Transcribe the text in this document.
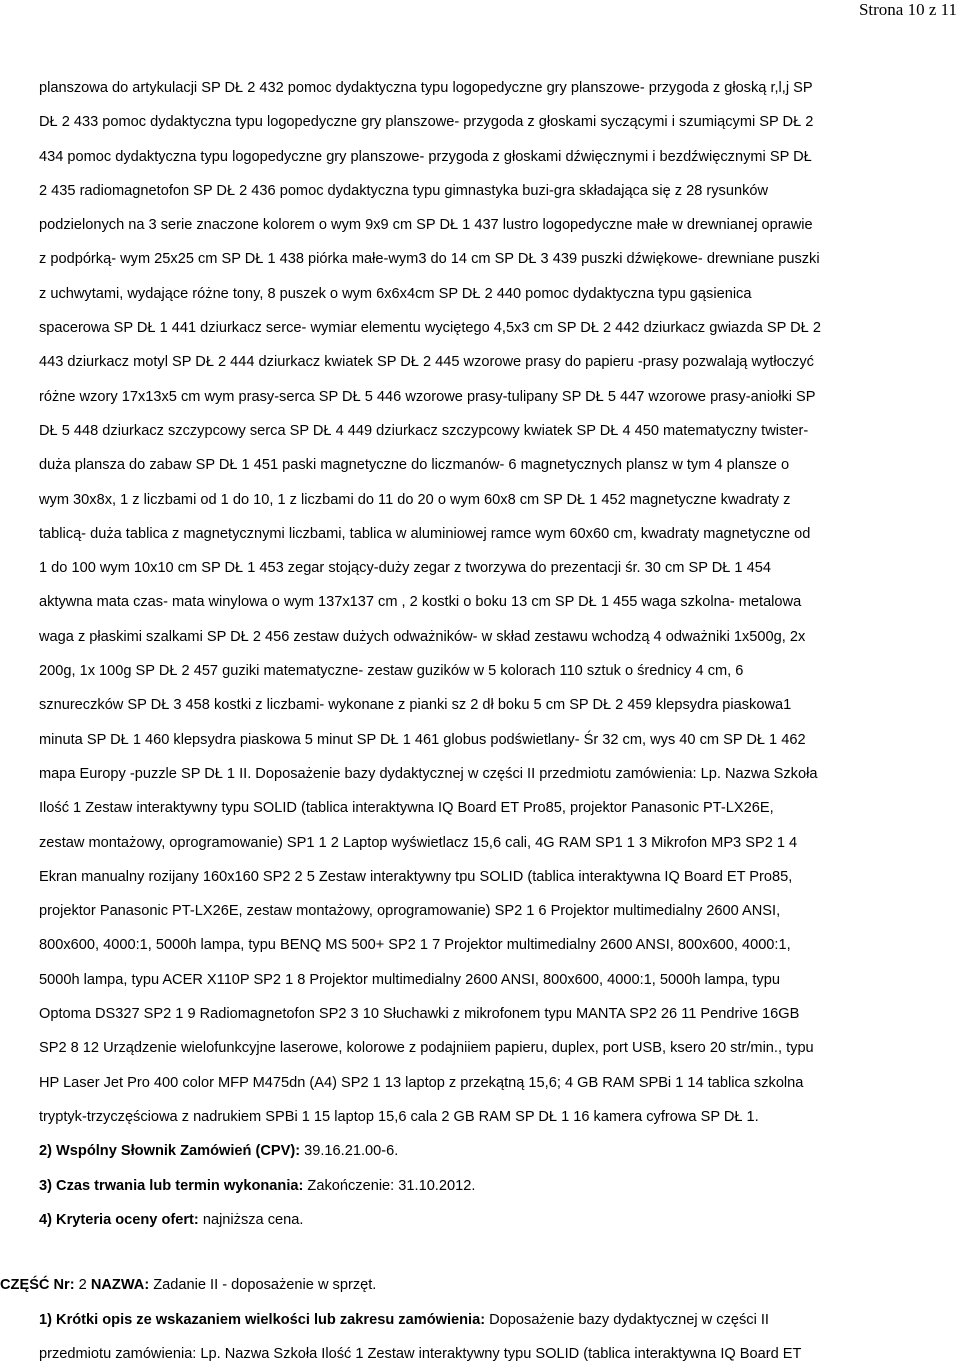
Strona 10 z 11
planszowa do artykulacji SP DŁ 2 432 pomoc dydaktyczna typu logopedyczne gry planszowe- przygoda z głoską r,l,j SP
DŁ 2 433 pomoc dydaktyczna typu logopedyczne gry planszowe- przygoda z głoskami syczącymi i szumiącymi SP DŁ 2
434 pomoc dydaktyczna typu logopedyczne gry planszowe- przygoda z głoskami dźwięcznymi i bezdźwięcznymi SP DŁ
2 435 radiomagnetofon SP DŁ 2 436 pomoc dydaktyczna typu gimnastyka buzi-gra składająca się z 28 rysunków
podzielonych na 3 serie znaczone kolorem o wym 9x9 cm SP DŁ 1 437 lustro logopedyczne małe w drewnianej oprawie
z podpórką- wym 25x25 cm SP DŁ 1 438 piórka małe-wym3 do 14 cm SP DŁ 3 439 puszki dźwiękowe- drewniane puszki
z uchwytami, wydające różne tony, 8 puszek o wym 6x6x4cm SP DŁ 2 440 pomoc dydaktyczna typu gąsienica
spacerowa SP DŁ 1 441 dziurkacz serce- wymiar elementu wyciętego 4,5x3 cm SP DŁ 2 442 dziurkacz gwiazda SP DŁ 2
443 dziurkacz motyl SP DŁ 2 444 dziurkacz kwiatek SP DŁ 2 445 wzorowe prasy do papieru -prasy pozwalają wytłoczyć
różne wzory 17x13x5 cm wym prasy-serca SP DŁ 5 446 wzorowe prasy-tulipany SP DŁ 5 447 wzorowe prasy-aniołki SP
DŁ 5 448 dziurkacz szczypcowy serca SP DŁ 4 449 dziurkacz szczypcowy kwiatek SP DŁ 4 450 matematyczny twister-
duża plansza do zabaw SP DŁ 1 451 paski magnetyczne do liczmanów- 6 magnetycznych plansz w tym 4 plansze o
wym 30x8x, 1 z liczbami od 1 do 10, 1 z liczbami do 11 do 20 o wym 60x8 cm SP DŁ 1 452 magnetyczne kwadraty z
tablicą- duża tablica z magnetycznymi liczbami, tablica w aluminiowej ramce wym 60x60 cm, kwadraty magnetyczne od
1 do 100 wym 10x10 cm SP DŁ 1 453 zegar stojący-duży zegar z tworzywa do prezentacji śr. 30 cm SP DŁ 1 454
aktywna mata czas- mata winylowa o wym 137x137 cm , 2 kostki o boku 13 cm SP DŁ 1 455 waga szkolna- metalowa
waga z płaskimi szalkami SP DŁ 2 456 zestaw dużych odważników- w skład zestawu wchodzą 4 odważniki 1x500g, 2x
200g, 1x 100g SP DŁ 2 457 guziki matematyczne- zestaw guzików w 5 kolorach 110 sztuk o średnicy 4 cm, 6
sznureczków SP DŁ 3 458 kostki z liczbami- wykonane z pianki sz 2 dł boku 5 cm SP DŁ 2 459 klepsydra piaskowa1
minuta SP DŁ 1 460 klepsydra piaskowa 5 minut SP DŁ 1 461 globus podświetlany- Śr 32 cm, wys 40 cm SP DŁ 1 462
mapa Europy -puzzle SP DŁ 1 II. Doposażenie bazy dydaktycznej w części II przedmiotu zamówienia: Lp. Nazwa Szkoła
Ilość 1 Zestaw interaktywny typu SOLID (tablica interaktywna IQ Board ET Pro85, projektor Panasonic PT-LX26E,
zestaw montażowy, oprogramowanie) SP1 1 2 Laptop wyświetlacz 15,6 cali, 4G RAM SP1 1 3 Mikrofon MP3 SP2 1 4
Ekran manualny rozijany 160x160 SP2 2 5 Zestaw interaktywny tpu SOLID (tablica interaktywna IQ Board ET Pro85,
projektor Panasonic PT-LX26E, zestaw montażowy, oprogramowanie) SP2 1 6 Projektor multimedialny 2600 ANSI,
800x600, 4000:1, 5000h lampa, typu BENQ MS 500+ SP2 1 7 Projektor multimedialny 2600 ANSI, 800x600, 4000:1,
5000h lampa, typu ACER X110P SP2 1 8 Projektor multimedialny 2600 ANSI, 800x600, 4000:1, 5000h lampa, typu
Optoma DS327 SP2 1 9 Radiomagnetofon SP2 3 10 Słuchawki z mikrofonem typu MANTA SP2 26 11 Pendrive 16GB
SP2 8 12 Urządzenie wielofunkcyjne laserowe, kolorowe z podajniiem papieru, duplex, port USB, ksero 20 str/min., typu
HP Laser Jet Pro 400 color MFP M475dn (A4) SP2 1 13 laptop z przekątną 15,6; 4 GB RAM SPBi 1 14 tablica szkolna
tryptyk-trzyczęściowa z nadrukiem SPBi 1 15 laptop 15,6 cala 2 GB RAM SP DŁ 1 16 kamera cyfrowa SP DŁ 1.
2) Wspólny Słownik Zamówień (CPV): 39.16.21.00-6.
3) Czas trwania lub termin wykonania: Zakończenie: 31.10.2012.
4) Kryteria oceny ofert: najniższa cena.
CZĘŚĆ Nr: 2 NAZWA: Zadanie II - doposażenie w sprzęt.
1) Krótki opis ze wskazaniem wielkości lub zakresu zamówienia: Doposażenie bazy dydaktycznej w części II
przedmiotu zamówienia: Lp. Nazwa Szkoła Ilość 1 Zestaw interaktywny typu SOLID (tablica interaktywna IQ Board ET
